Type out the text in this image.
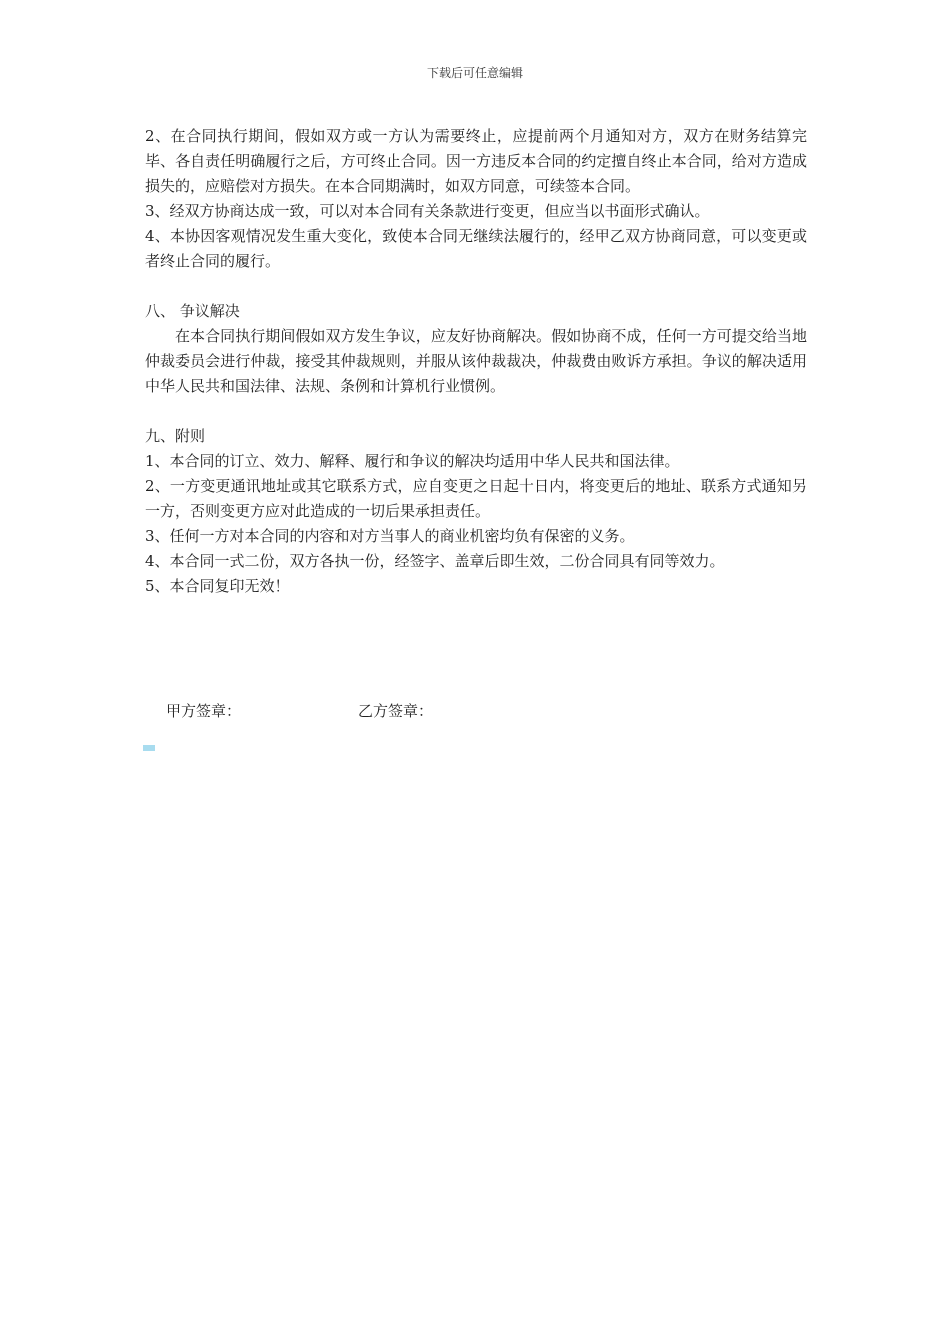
下载后可任意编辑

2、在合同执行期间，假如双方或一方认为需要终止，应提前两个月通知对方，双方在财务结算完毕、各自责任明确履行之后，方可终止合同。因一方违反本合同的约定擅自终止本合同，给对方造成损失的，应赔偿对方损失。在本合同期满时，如双方同意，可续签本合同。

3、经双方协商达成一致，可以对本合同有关条款进行变更，但应当以书面形式确认。

4、本协因客观情况发生重大变化，致使本合同无继续法履行的，经甲乙双方协商同意，可以变更或者终止合同的履行。

八、 争议解决

在本合同执行期间假如双方发生争议，应友好协商解决。假如协商不成，任何一方可提交给当地仲裁委员会进行仲裁，接受其仲裁规则，并服从该仲裁裁决，仲裁费由败诉方承担。争议的解决适用中华人民共和国法律、法规、条例和计算机行业惯例。

九、附则

1、本合同的订立、效力、解释、履行和争议的解决均适用中华人民共和国法律。

2、一方变更通讯地址或其它联系方式，应自变更之日起十日内，将变更后的地址、联系方式通知另一方，否则变更方应对此造成的一切后果承担责任。

3、任何一方对本合同的内容和对方当事人的商业机密均负有保密的义务。

4、本合同一式二份，双方各执一份，经签字、盖章后即生效，二份合同具有同等效力。

5、本合同复印无效！

甲方签章：	乙方签章：
